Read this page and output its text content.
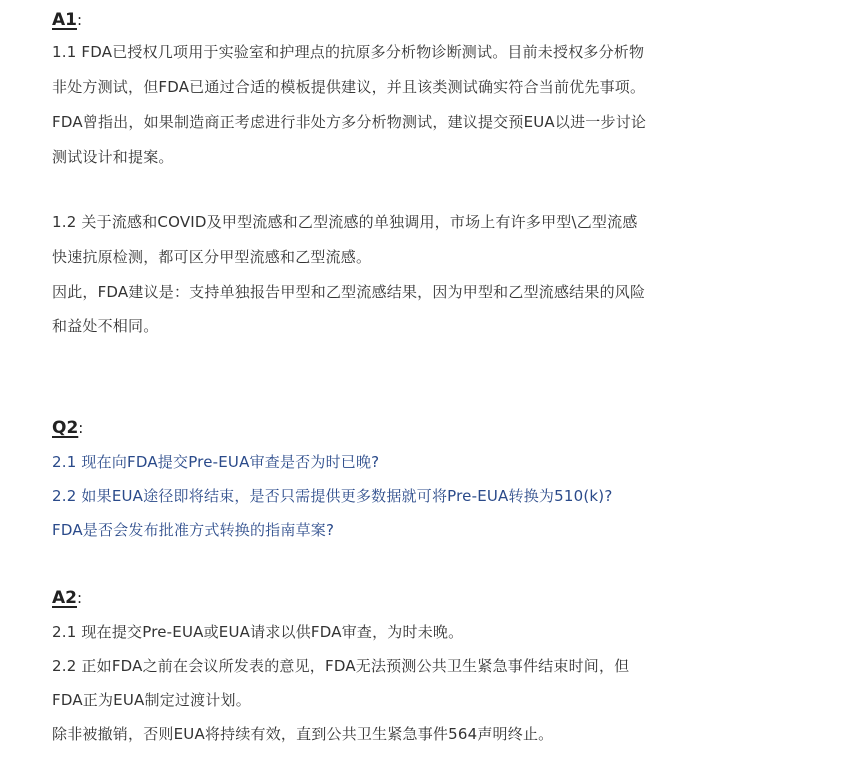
A1:
1.1 FDA已授权几项用于实验室和护理点的抗原多分析物诊断测试。目前未授权多分析物
非处方测试，但FDA已通过合适的模板提供建议，并且该类测试确实符合当前优先事项。
FDA曾指出，如果制造商正考虑进行非处方多分析物测试，建议提交预EUA以进一步讨论
测试设计和提案。
1.2 关于流感和COVID及甲型流感和乙型流感的单独调用，市场上有许多甲型\乙型流感
快速抗原检测，都可区分甲型流感和乙型流感。
因此，FDA建议是：支持单独报告甲型和乙型流感结果，因为甲型和乙型流感结果的风险
和益处不相同。
Q2:
2.1 现在向FDA提交Pre-EUA审查是否为时已晚?
2.2 如果EUA途径即将结束，是否只需提供更多数据就可将Pre-EUA转换为510(k)?
FDA是否会发布批准方式转换的指南草案?
A2:
2.1 现在提交Pre-EUA或EUA请求以供FDA审查，为时未晚。
2.2 正如FDA之前在会议所发表的意见，FDA无法预测公共卫生紧急事件结束时间，但
FDA正为EUA制定过渡计划。
除非被撤销，否则EUA将持续有效，直到公共卫生紧急事件564声明终止。
